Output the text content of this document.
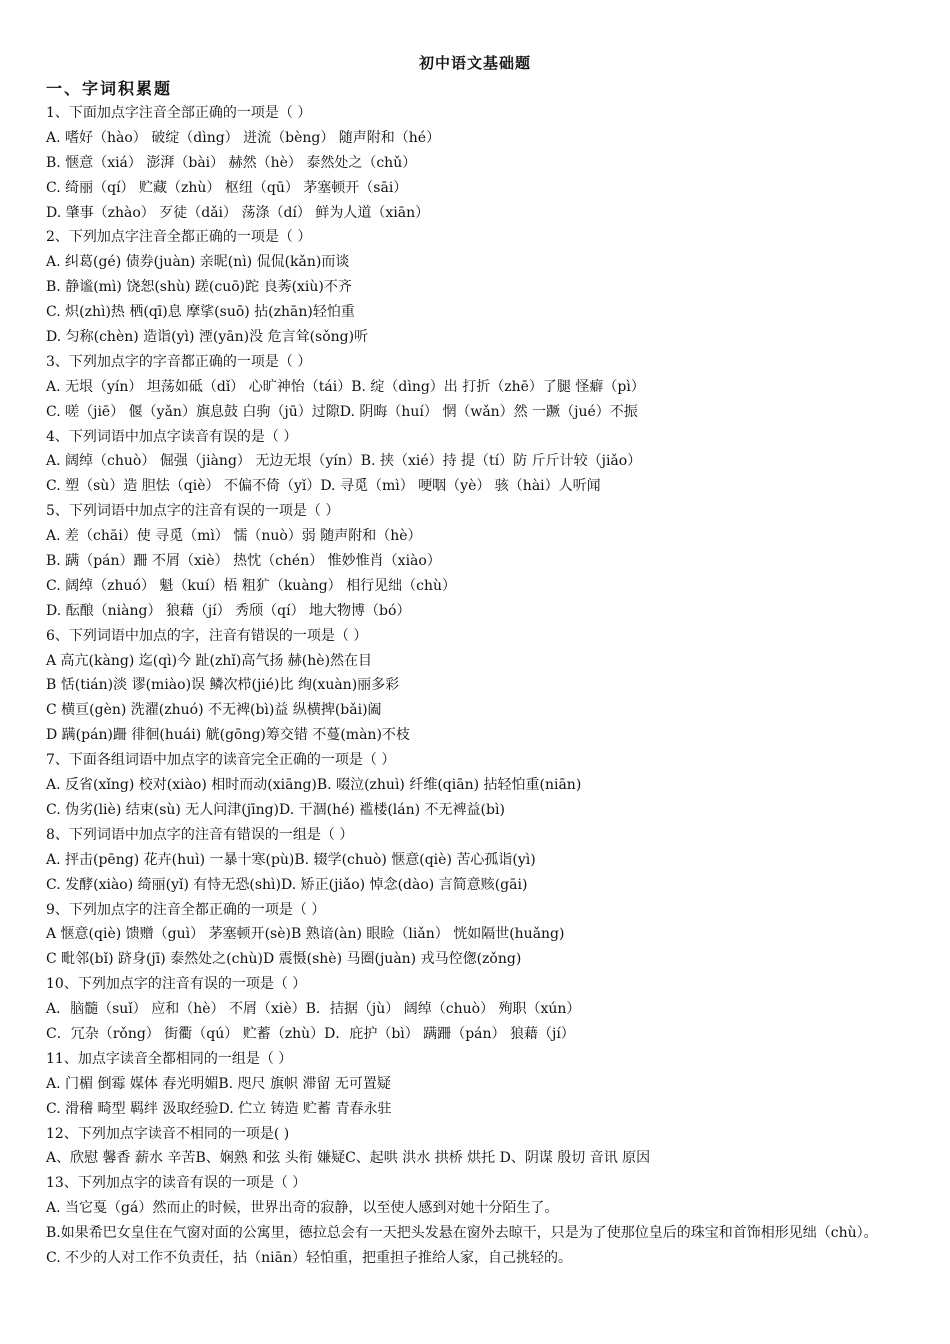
初中语文基础题
一、字词积累题
1、下面加点字注音全部正确的一项是（ ）
A. 嗜好（hào） 破绽（dìng） 迸流（bèng） 随声附和（hé）
B. 惬意（xiá） 澎湃（bài） 赫然（hè） 泰然处之（chǔ）
C. 绮丽（qí） 贮藏（zhù） 枢纽（qū） 茅塞顿开（sāi）
D. 肇事（zhào） 歹徒（dǎi） 荡涤（dí） 鲜为人道（xiān）
2、下列加点字注音全都正确的一项是（ ）
A. 纠葛(gé) 债券(juàn) 亲昵(nì) 侃侃(kǎn)而谈
B. 静谧(mì) 饶恕(shù) 蹉(cuō)跎 良莠(xiù)不齐
C. 炽(zhì)热 栖(qī)息 摩挲(suō) 拈(zhān)轻怕重
D. 匀称(chèn) 造诣(yì) 湮(yān)没 危言耸(sǒng)听
3、下列加点字的字音都正确的一项是（ ）
A. 无垠（yín） 坦荡如砥（dǐ） 心旷神怡（tái）B. 绽（dìng）出 打折（zhē）了腿 怪癖（pì）
C. 嗟（jiē） 偃（yǎn）旗息鼓 白驹（jū）过隙D. 阴晦（huí） 惘（wǎn）然 一蹶（jué）不振
4、下列词语中加点字读音有误的是（ ）
A. 阔绰（chuò） 倔强（jiàng） 无边无垠（yín）B. 挟（xié）持 提（tí）防 斤斤计较（jiǎo）
C. 塑（sù）造 胆怯（qiè） 不偏不倚（yǐ）D. 寻觅（mì） 哽咽（yè） 骇（hài）人听闻
5、下列词语中加点字的注音有误的一项是（ ）
A. 差（chāi）使 寻觅（mì） 懦（nuò）弱 随声附和（hè）
B. 蹒（pán）跚 不屑（xiè） 热忱（chén） 惟妙惟肖（xiào）
C. 阔绰（zhuó） 魁（kuí）梧 粗犷（kuàng） 相行见绌（chù）
D. 酝酿（niàng） 狼藉（jí） 秀颀（qí） 地大物博（bó）
6、下列词语中加点的字，注音有错误的一项是（ ）
A 高亢(kàng) 迄(qì)今 趾(zhǐ)高气扬 赫(hè)然在目
B 恬(tián)淡 谬(miào)误 鳞次栉(jié)比 绚(xuàn)丽多彩
C 横亘(gèn) 洗濯(zhuó) 不无裨(bì)益 纵横捭(bǎi)阖
D 蹒(pán)跚 徘徊(huái) 觥(gōng)筹交错 不蔓(màn)不枝
7、下面各组词语中加点字的读音完全正确的一项是（ ）
A. 反省(xǐng) 校对(xiào) 相时而动(xiāng)B. 啜泣(zhuì) 纤维(qiān) 拈轻怕重(niān)
C. 伪劣(liè) 结束(sù) 无人问津(jīng)D. 干涸(hé) 褴楼(lán) 不无裨益(bì)
8、下列词语中加点字的注音有错误的一组是（ ）
A. 抨击(pēng) 花卉(huì) 一暴十寒(pù)B. 辍学(chuò) 惬意(qiè) 苦心孤诣(yì)
C. 发酵(xiào) 绮丽(yǐ) 有恃无恐(shì)D. 矫正(jiǎo) 悼念(dào) 言简意赅(gāi)
9、下列加点字的注音全都正确的一项是（ ）
A 惬意(qiè) 馈赠（guì） 茅塞顿开(sè)B 熟谙(àn) 眼睑（liǎn） 恍如隔世(huǎng)
C 毗邻(bǐ) 跻身(jī) 泰然处之(chù)D 震慑(shè) 马圈(juàn) 戎马倥偬(zǒng)
10、下列加点字的注音有误的一项是（ ）
A．脑髓（suǐ） 应和（hè） 不屑（xiè）B．拮据（jù） 阔绰（chuò） 殉职（xún）
C．冗杂（rǒng） 街衢（qú） 贮蓄（zhù）D．庇护（bì） 蹒跚（pán） 狼藉（jí）
11、加点字读音全都相同的一组是（ ）
A. 门楣 倒霉 媒体 春光明媚B. 咫尺 旗帜 滞留 无可置疑
C. 滑稽 畸型 羁绊 汲取经验D. 伫立 铸造 贮蓄 青春永驻
12、下列加点字读音不相同的一项是( )
A、欣慰 馨香 薪水 辛苦B、娴熟 和弦 头衔 嫌疑C、起哄 洪水 拱桥 烘托 D、阴谋 殷切 音讯 原因
13、下列加点字的读音有误的一项是（ ）
A. 当它戛（gá）然而止的时候，世界出奇的寂静，以至使人感到对她十分陌生了。
B.如果希巴女皇住在气窗对面的公寓里，德拉总会有一天把头发悬在窗外去晾干，只是为了使那位皇后的珠宝和首饰相形见绌（chù）。
C. 不少的人对工作不负责任，拈（niān）轻怕重，把重担子推给人家，自己挑轻的。
